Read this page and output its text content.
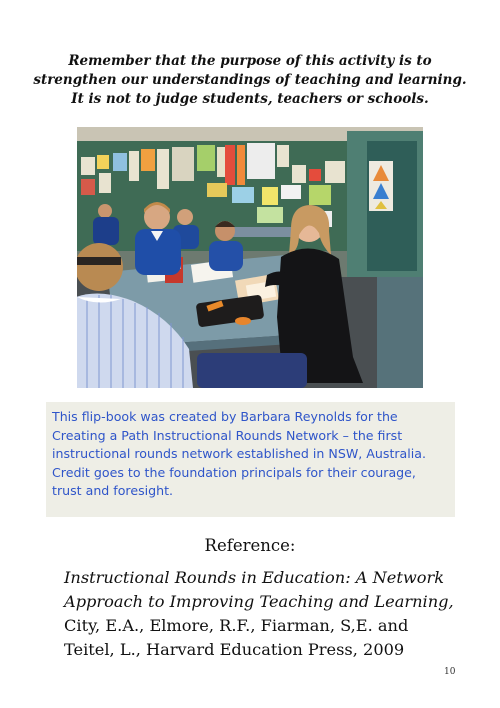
Remember that the purpose of this activity is to
strengthen our understandings of teaching and learning.
It is not to judge students, teachers or schools.
This flip-book was created by Barbara Reynolds for the
Creating a Path Instructional Rounds Network – the first
instructional rounds network established in NSW, Australia.
Credit goes to the foundation principals for their courage,
trust and foresight.
Reference:
Instructional Rounds in Education: A Network
Approach to Improving Teaching and Learning,
City, E.A., Elmore, R.F., Fiarman, S,E. and
Teitel, L., Harvard Education Press, 2009
10
